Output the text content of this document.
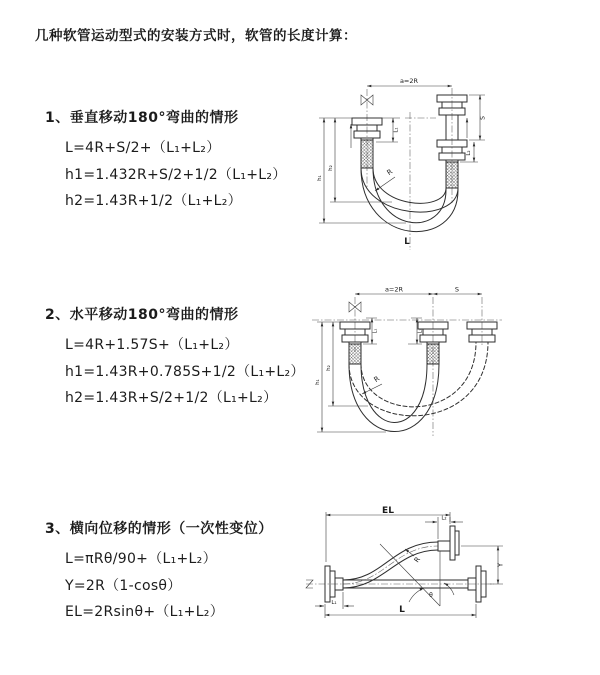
几种软管运动型式的安装方式时，软管的长度计算：
1、垂直移动180°弯曲的情形
L=4R+S/2+（L₁+L₂）
h1=1.432R+S/2+1/2（L₁+L₂）
h2=1.43R+1/2（L₁+L₂）
2、水平移动180°弯曲的情形
L=4R+1.57S+（L₁+L₂）
h1=1.43R+0.785S+1/2（L₁+L₂）
h2=1.43R+S/2+1/2（L₁+L₂）
3、横向位移的情形（一次性变位）
L=πRθ/90+（L₁+L₂）
Y=2R（1-cosθ）
EL=2Rsinθ+（L₁+L₂）
a=2R
h₁
h₂
L₁
S
L₂
R
L
a=2R	S
h₁
h₂
L₁	L₂
R
θ
R
EL
L₂
Y
L₁
L
